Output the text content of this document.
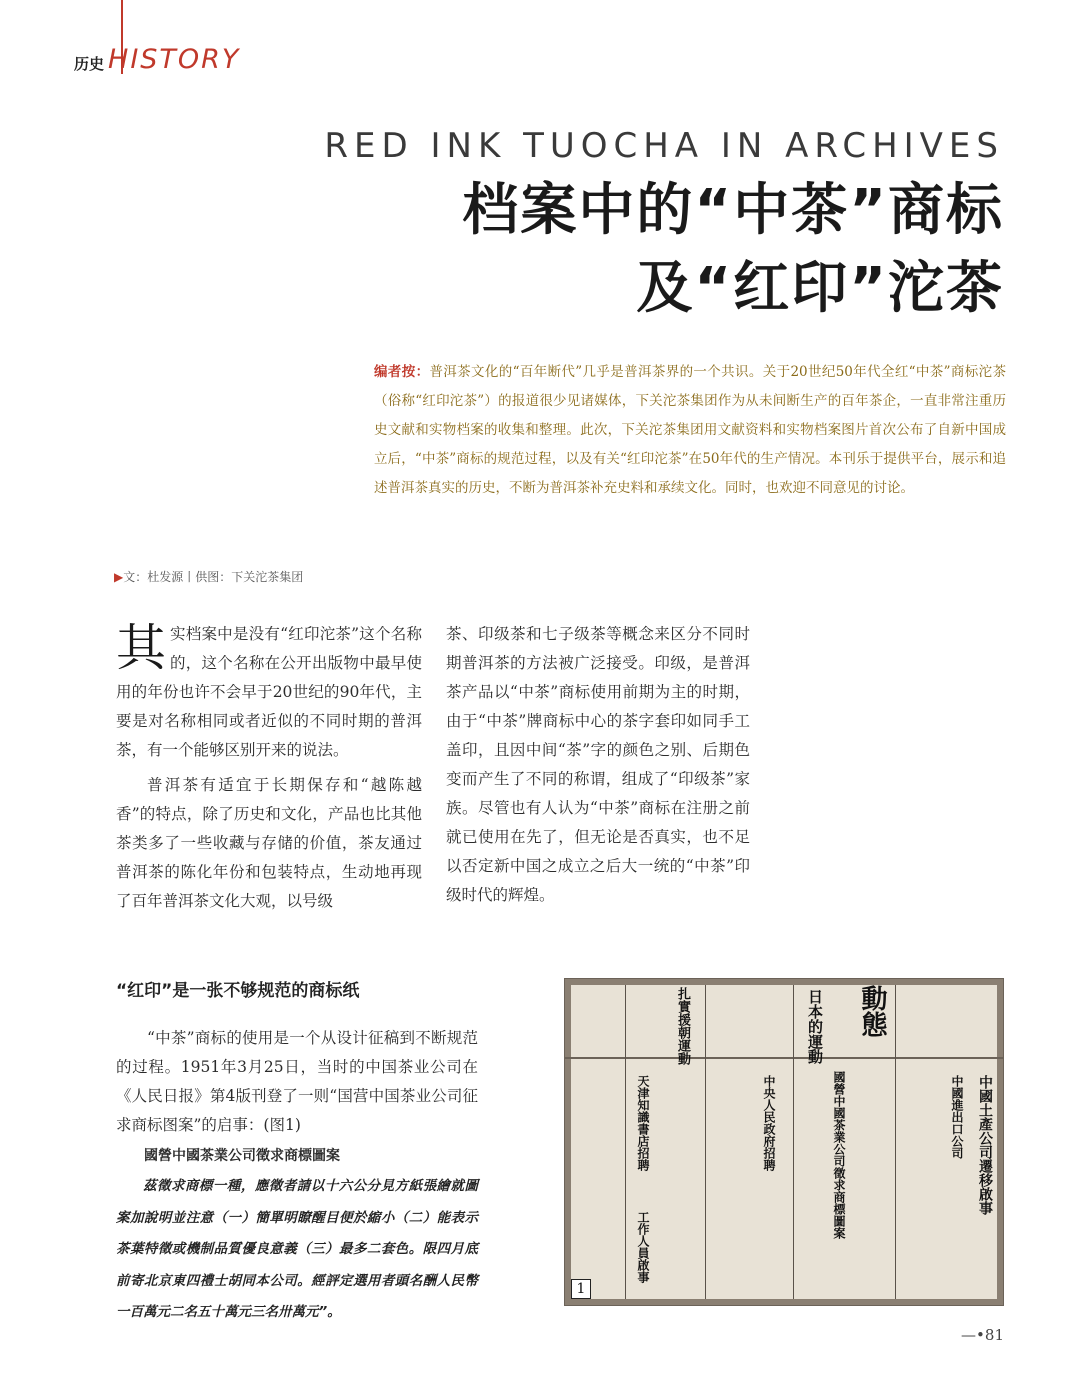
历史 HISTORY
RED INK TUOCHA IN ARCHIVES
档案中的“中茶”商标
及“红印”沱茶
编者按：普洱茶文化的“百年断代”几乎是普洱茶界的一个共识。关于20世纪50年代全红“中茶”商标沱茶（俗称“红印沱茶”）的报道很少见诸媒体，下关沱茶集团作为从未间断生产的百年茶企，一直非常注重历史文献和实物档案的收集和整理。此次，下关沱茶集团用文献资料和实物档案图片首次公布了自新中国成立后，“中茶”商标的规范过程，以及有关“红印沱茶”在50年代的生产情况。本刊乐于提供平台，展示和追述普洱茶真实的历史，不断为普洱茶补充史料和承续文化。同时，也欢迎不同意见的讨论。
▶文：杜发源丨供图：下关沱茶集团

其实档案中是没有“红印沱茶”这个名称的，这个名称在公开出版物中最早使用的年份也许不会早于20世纪的90年代，主要是对名称相同或者近似的不同时期的普洱茶，有一个能够区别开来的说法。

普洱茶有适宜于长期保存和“越陈越香”的特点，除了历史和文化，产品也比其他茶类多了一些收藏与存储的价值，茶友通过普洱茶的陈化年份和包装特点，生动地再现了百年普洱茶文化大观，以号级

茶、印级茶和七子级茶等概念来区分不同时期普洱茶的方法被广泛接受。印级，是普洱茶产品以“中茶”商标使用前期为主的时期，由于“中茶”牌商标中心的茶字套印如同手工盖印，且因中间“茶”字的颜色之别、后期色变而产生了不同的称谓，组成了“印级茶”家族。尽管也有人认为“中茶”商标在注册之前就已使用在先了，但无论是否真实，也不足以否定新中国之成立之后大一统的“中茶”印级时代的辉煌。

“红印”是一张不够规范的商标纸

“中茶”商标的使用是一个从设计征稿到不断规范的过程。1951年3月25日，当时的中国茶业公司在《人民日报》第4版刊登了一则“国营中国茶业公司征求商标图案”的启事：(图1)

國營中國茶業公司徵求商標圖案

茲徵求商標一種，應徵者請以十六公分見方紙張繪就圖案加說明並注意（一）簡單明瞭醒目便於縮小（二）能表示茶葉特徵或機制品質優良意義（三）最多二套色。限四月底前寄北京東四禮士胡同本公司。經評定選用者頭名酬人民幣一百萬元二名五十萬元三名卅萬元”。

動態
日本的運動
扎實援朝運動
中國土產公司遷移啟事
國營中國茶業公司徵求商標圖案	中國進出口公司
天津知識書店招聘	中央人民政府招聘
工作人員啟事
1
—•81
